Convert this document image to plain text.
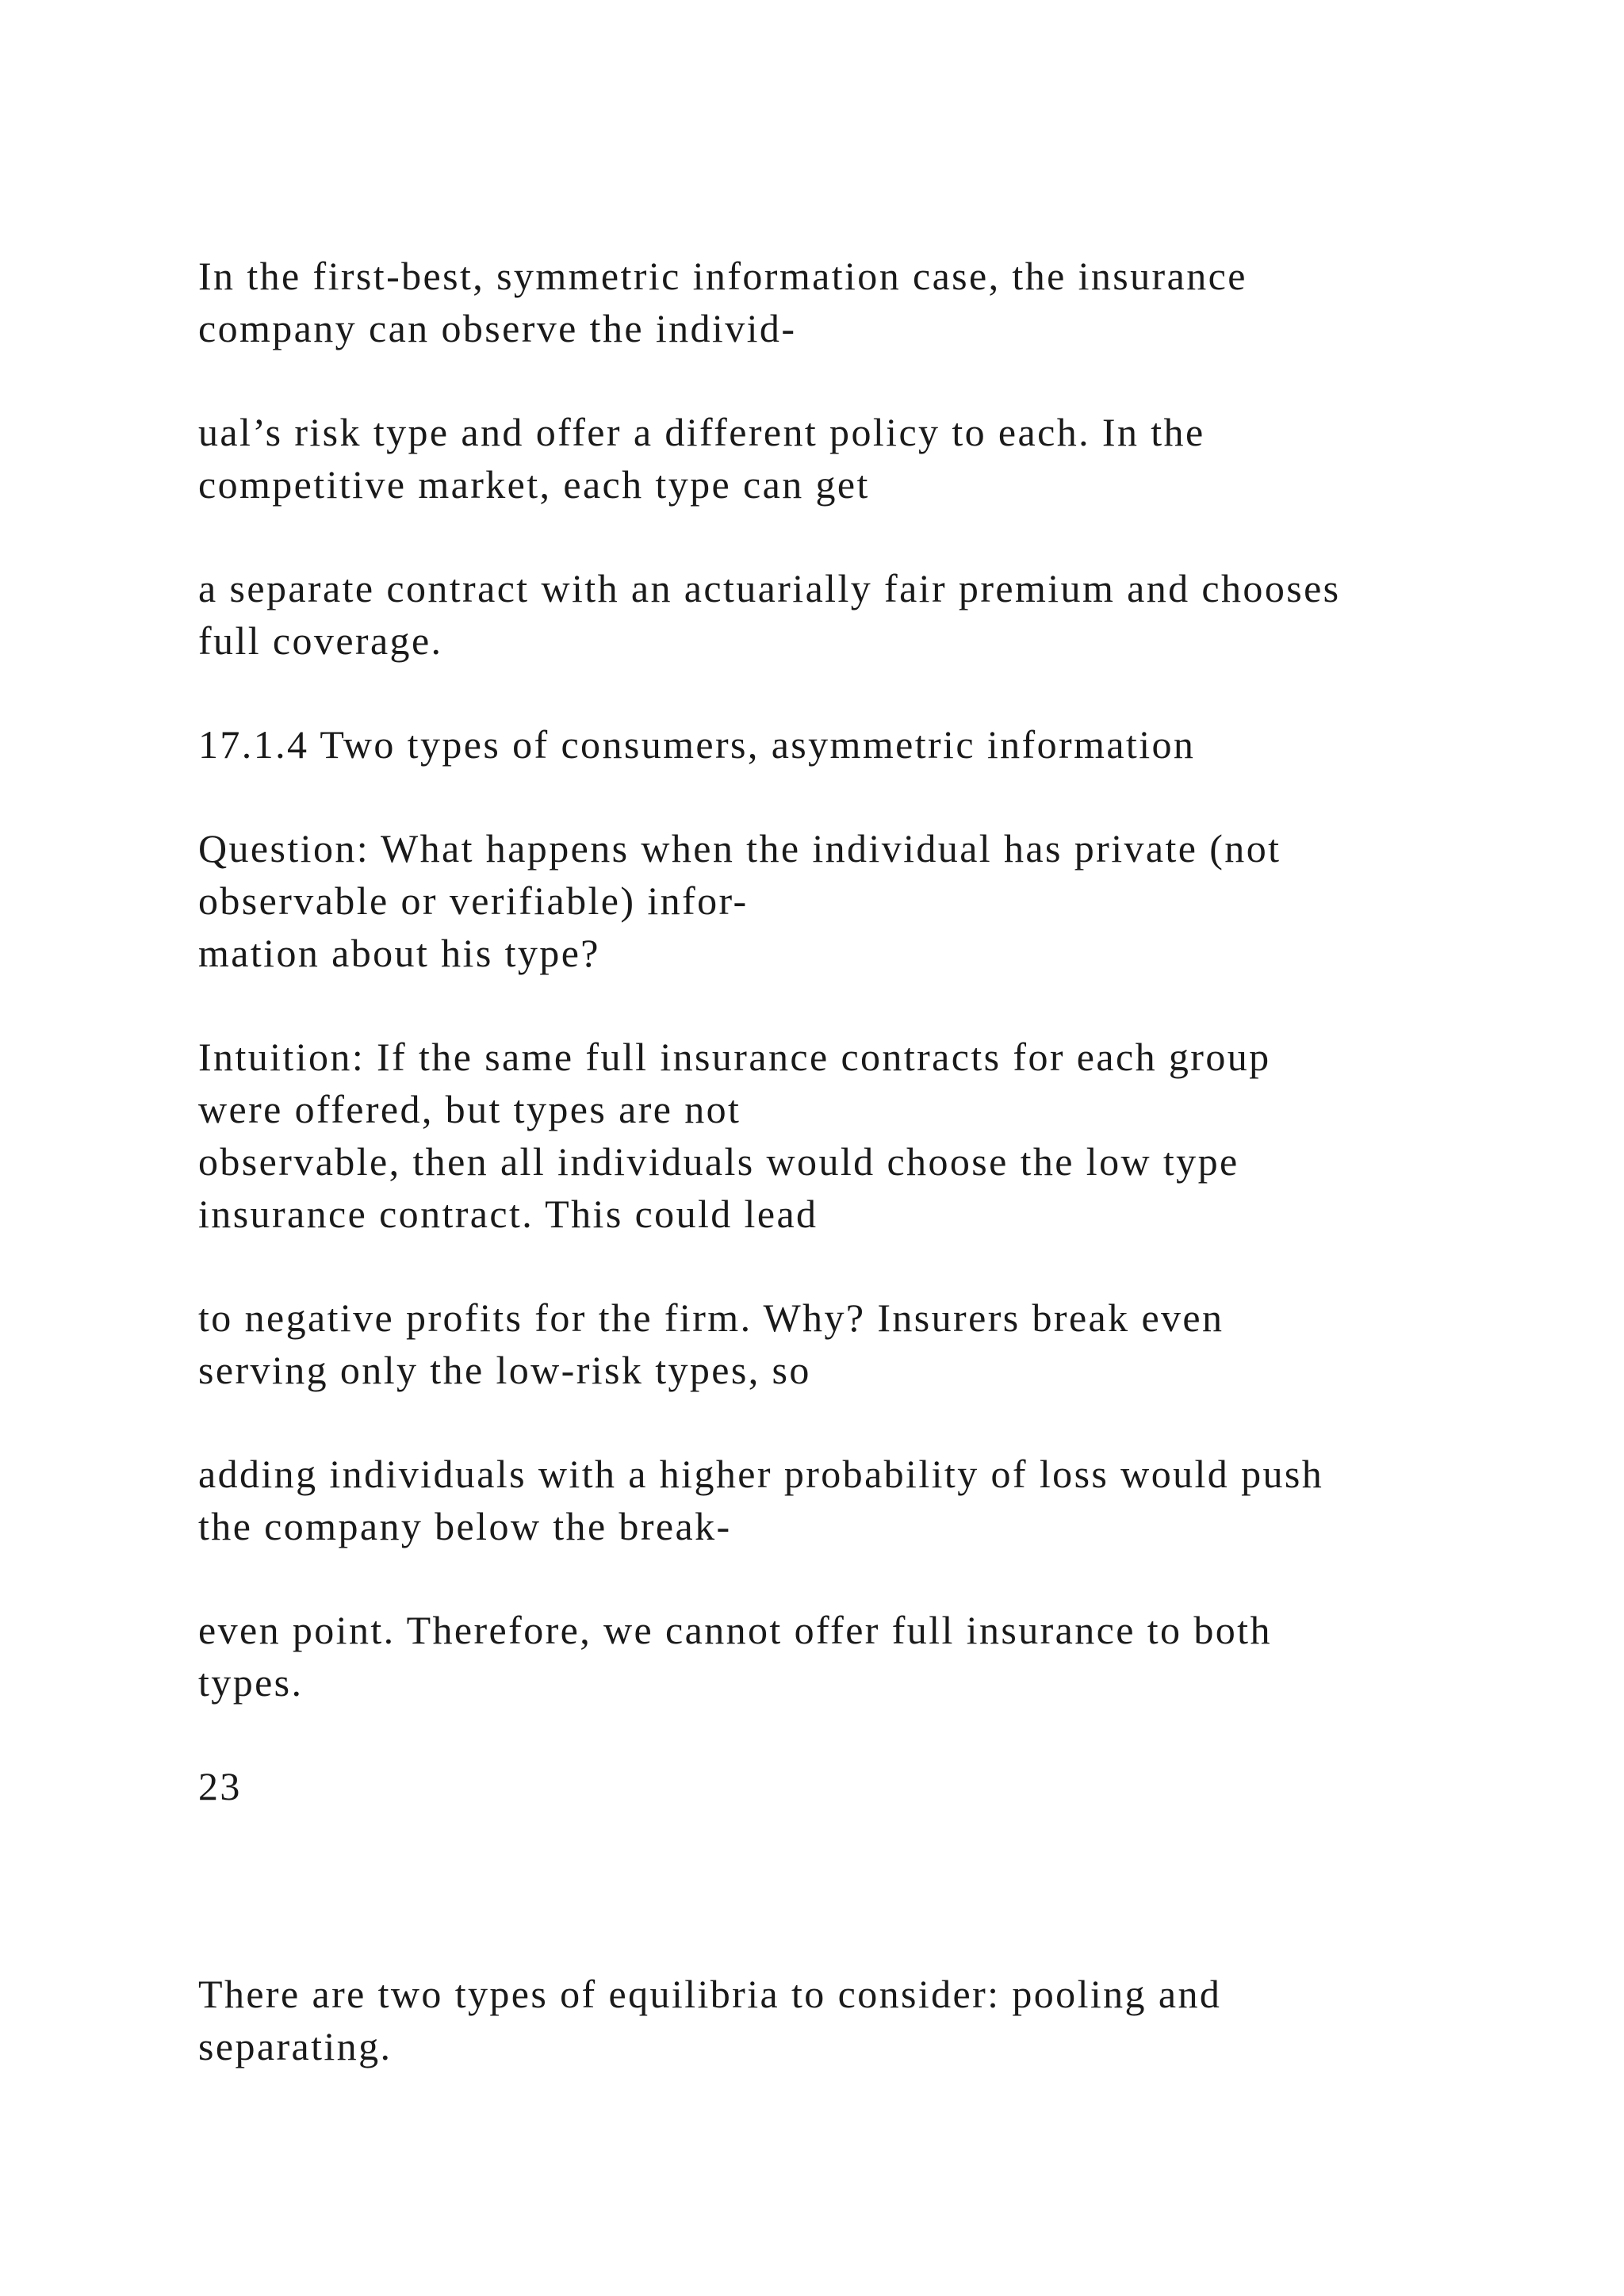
In the first-best, symmetric information case, the insurance

company can observe the individ-

ual’s risk type and offer a different policy to each. In the

competitive market, each type can get

a separate contract with an actuarially fair premium and chooses

full coverage.

17.1.4 Two types of consumers, asymmetric information

Question: What happens when the individual has private (not

observable or verifiable) infor-

mation about his type?

Intuition: If the same full insurance contracts for each group

were offered, but types are not

observable, then all individuals would choose the low type

insurance contract. This could lead

to negative profits for the firm. Why? Insurers break even

serving only the low-risk types, so

adding individuals with a higher probability of loss would push

the company below the break-

even point. Therefore, we cannot offer full insurance to both

types.

23

There are two types of equilibria to consider: pooling and

separating.
